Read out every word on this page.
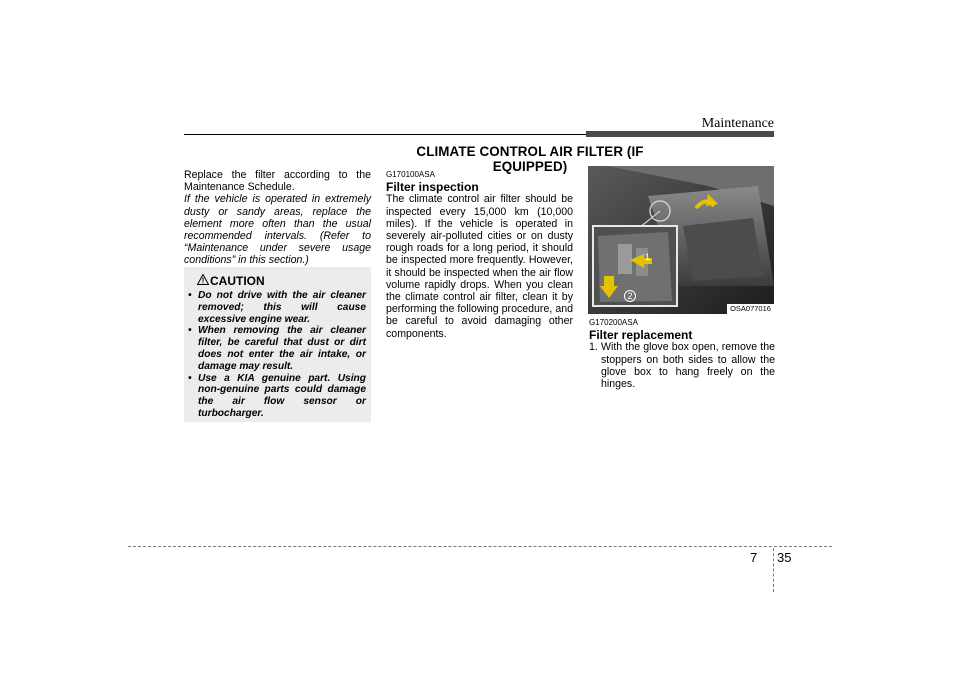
Maintenance
CLIMATE CONTROL AIR FILTER (IF EQUIPPED)

Replace the filter according to the Maintenance Schedule.

If the vehicle is operated in extremely dusty or sandy areas, replace the element more often than the usual recommended intervals. (Refer to “Maintenance under severe usage conditions” in this section.)

CAUTION
• Do not drive with the air cleaner removed; this will cause excessive engine wear.
• When removing the air cleaner filter, be careful that dust or dirt does not enter the air intake, or damage may result.
• Use a KIA genuine part. Using non-genuine parts could damage the air flow sensor or turbocharger.

G170100ASA

Filter inspection

The climate control air filter should be inspected every 15,000 km (10,000 miles). If the vehicle is operated in severely air-polluted cities or on dusty rough roads for a long period, it should be inspected more frequently. However, it should be inspected when the air flow volume rapidly drops. When you clean the climate control air filter, clean it by performing the following procedure, and be careful to avoid damaging other components.

1
2
OSA077016

G170200ASA

Filter replacement

1. With the glove box open, remove the stoppers on both sides to allow the glove box to hang freely on the hinges.
7 35
